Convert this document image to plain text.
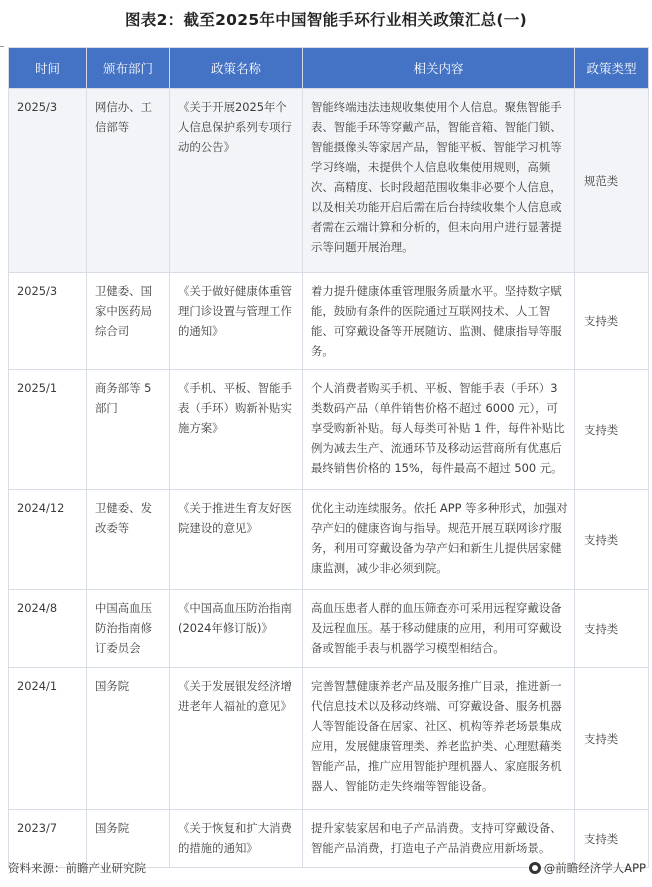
图表2：截至2025年中国智能手环行业相关政策汇总(一)
时间	颁布部门	政策名称	相关内容	政策类型
2025/3	网信办、工信部等	《关于开展2025年个人信息保护系列专项行动的公告》	智能终端违法违规收集使用个人信息。聚焦智能手表、智能手环等穿戴产品，智能音箱、智能门锁、智能摄像头等家居产品，智能平板、智能学习机等学习终端，未提供个人信息收集使用规则，高频次、高精度、长时段超范围收集非必要个人信息，以及相关功能开启后需在后台持续收集个人信息或者需在云端计算和分析的，但未向用户进行显著提示等问题开展治理。	规范类
2025/3	卫健委、国家中医药局综合司	《关于做好健康体重管理门诊设置与管理工作的通知》	着力提升健康体重管理服务质量水平。坚持数字赋能，鼓励有条件的医院通过互联网技术、人工智能、可穿戴设备等开展随访、监测、健康指导等服务。	支持类
2025/1	商务部等 5 部门	《手机、平板、智能手表（手环）购新补贴实施方案》	个人消费者购买手机、平板、智能手表（手环）3类数码产品（单件销售价格不超过 6000 元），可享受购新补贴。每人每类可补贴 1 件，每件补贴比例为减去生产、流通环节及移动运营商所有优惠后最终销售价格的 15%，每件最高不超过 500 元。	支持类
2024/12	卫健委、发改委等	《关于推进生育友好医院建设的意见》	优化主动连续服务。依托 APP 等多种形式，加强对孕产妇的健康咨询与指导。规范开展互联网诊疗服务，利用可穿戴设备为孕产妇和新生儿提供居家健康监测，减少非必须到院。	支持类
2024/8	中国高血压防治指南修订委员会	《中国高血压防治指南(2024年修订版)》	高血压患者人群的血压筛查亦可采用远程穿戴设备及远程血压。基于移动健康的应用，利用可穿戴设备或智能手表与机器学习模型相结合。	支持类
2024/1	国务院	《关于发展银发经济增进老年人福祉的意见》	完善智慧健康养老产品及服务推广目录，推进新一代信息技术以及移动终端、可穿戴设备、服务机器人等智能设备在居家、社区、机构等养老场景集成应用，发展健康管理类、养老监护类、心理慰藉类智能产品，推广应用智能护理机器人、家庭服务机器人、智能防走失终端等智能设备。	支持类
2023/7	国务院	《关于恢复和扩大消费的措施的通知》	提升家装家居和电子产品消费。支持可穿戴设备、智能产品消费，打造电子产品消费应用新场景。	支持类
资料来源：前瞻产业研究院	@前瞻经济学人APP
